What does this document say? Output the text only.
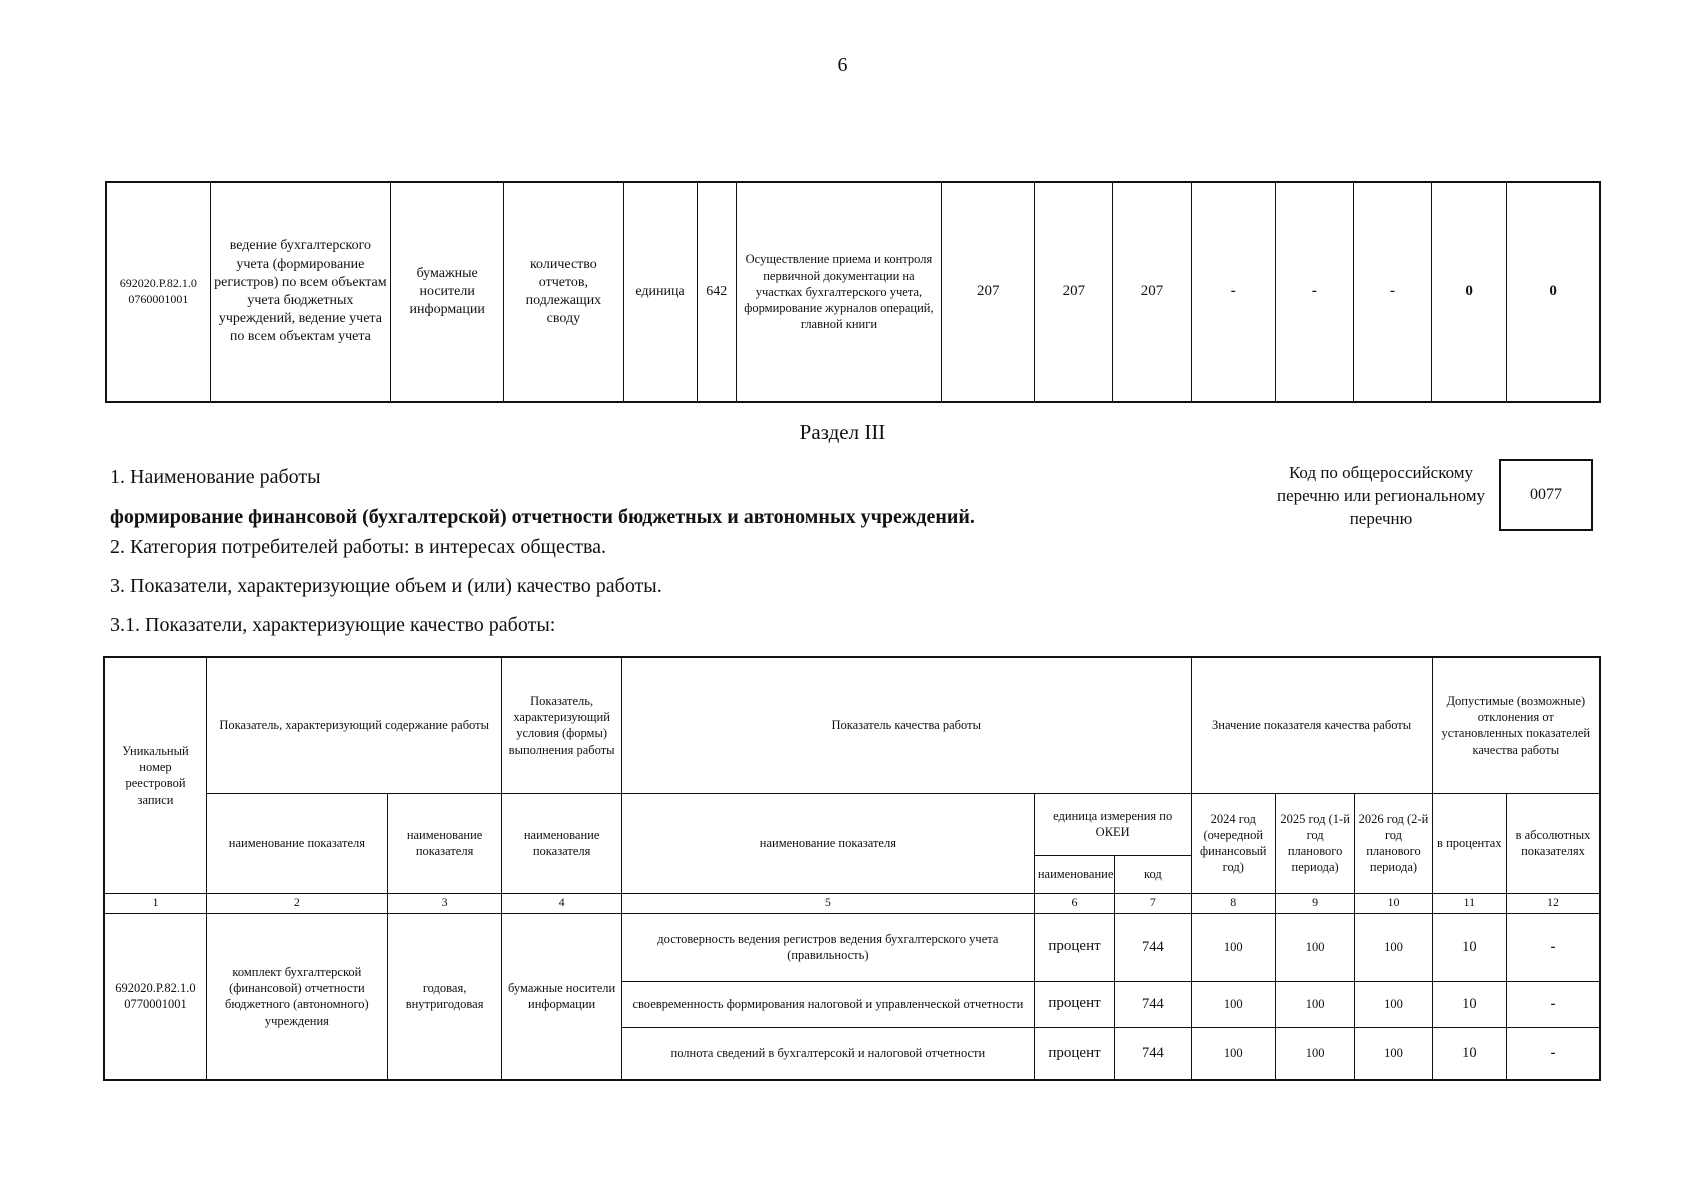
6
692020.Р.82.1.0 0760001001	ведение бухгалтерского учета (формирование регистров) по всем объектам учета бюджетных учреждений, ведение учета по всем объектам учета	бумажные носители информации	количество отчетов, подлежащих своду	единица	642	Осуществление приема и контроля первичной документации на участках бухгалтерского учета, формирование журналов операций, главной книги	207	207	207	-	-	-	0	0
Раздел III
1. Наименование работы
формирование финансовой (бухгалтерской) отчетности бюджетных и автономных учреждений.
2. Категория потребителей работы: в интересах общества.
3. Показатели, характеризующие объем и (или) качество работы.
3.1. Показатели, характеризующие качество работы:
Код по общероссийскому перечню или региональному перечню
0077
Уникальный номер реестровой записи	Показатель, характеризующий содержание работы		Показатель, характеризующий условия (формы) выполнения работы	Показатель качества работы			Значение показателя качества работы			Допустимые (возможные) отклонения от установленных показателей качества работы	
	наименование показателя	наименование показателя	наименование показателя	наименование показателя	единица измерения по ОКЕИ		2024 год (очередной финансовый год)	2025 год (1-й год планового периода)	2026 год (2-й год планового периода)	в процентах	в абсолютных показателях
					наименование	код					
1	2	3	4	5	6	7	8	9	10	11	12
692020.Р.82.1.0 0770001001	комплект бухгалтерской (финансовой) отчетности бюджетного (автономного) учреждения	годовая, внутригодовая	бумажные носители информации	достоверность ведения регистров ведения бухгалтерского учета (правильность)	процент	744	100	100	100	10	-
				своевременность формирования налоговой и управленческой отчетности	процент	744	100	100	100	10	-
				полнота сведений в бухгалтерсокй и налоговой отчетности	процент	744	100	100	100	10	-
